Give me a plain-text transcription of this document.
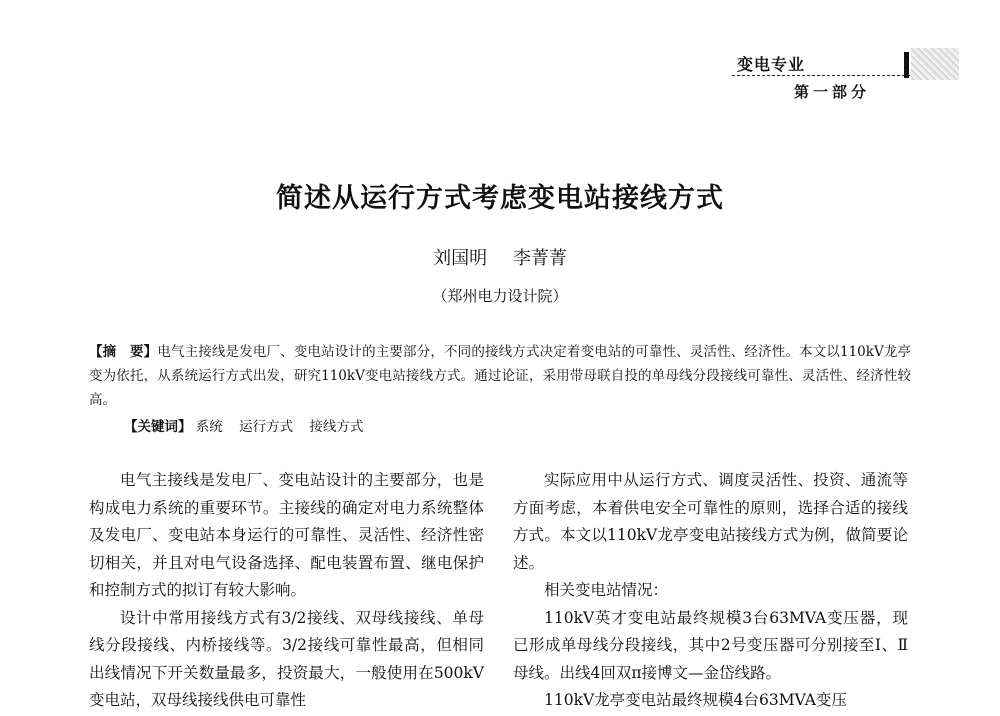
变电专业
第一部分
简述从运行方式考虑变电站接线方式
刘国明 李菁菁
（郑州电力设计院）
【摘　要】电气主接线是发电厂、变电站设计的主要部分，不同的接线方式决定着变电站的可靠性、灵活性、经济性。本文以110kV龙亭变为依托，从系统运行方式出发，研究110kV变电站接线方式。通过论证，采用带母联自投的单母线分段接线可靠性、灵活性、经济性较高。
【关键词】 系统 运行方式 接线方式

电气主接线是发电厂、变电站设计的主要部分，也是构成电力系统的重要环节。主接线的确定对电力系统整体及发电厂、变电站本身运行的可靠性、灵活性、经济性密切相关，并且对电气设备选择、配电装置布置、继电保护和控制方式的拟订有较大影响。

设计中常用接线方式有3/2接线、双母线接线、单母线分段接线、内桥接线等。3/2接线可靠性最高，但相同出线情况下开关数量最多，投资最大，一般使用在500kV变电站，双母线接线供电可靠性

实际应用中从运行方式、调度灵活性、投资、通流等方面考虑，本着供电安全可靠性的原则，选择合适的接线方式。本文以110kV龙亭变电站接线方式为例，做简要论述。

相关变电站情况：

110kV英才变电站最终规模3台63MVA变压器，现已形成单母线分段接线，其中2号变压器可分别接至Ⅰ、Ⅱ母线。出线4回双π接博文—金岱线路。

110kV龙亭变电站最终规模4台63MVA变压
